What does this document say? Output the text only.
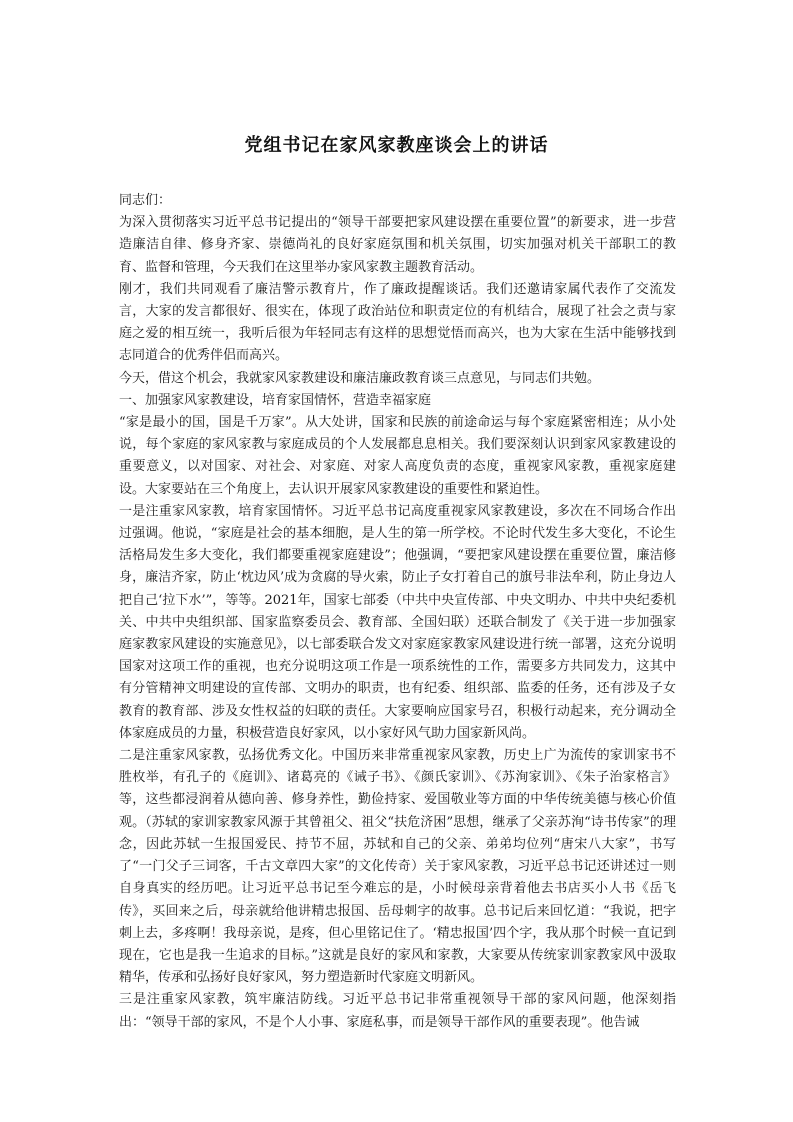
党组书记在家风家教座谈会上的讲话

同志们：

为深入贯彻落实习近平总书记提出的“领导干部要把家风建设摆在重要位置”的新要求，进一步营造廉洁自律、修身齐家、崇德尚礼的良好家庭氛围和机关氛围，切实加强对机关干部职工的教育、监督和管理，今天我们在这里举办家风家教主题教育活动。

刚才，我们共同观看了廉洁警示教育片，作了廉政提醒谈话。我们还邀请家属代表作了交流发言，大家的发言都很好、很实在，体现了政治站位和职责定位的有机结合，展现了社会之责与家庭之爱的相互统一，我听后很为年轻同志有这样的思想觉悟而高兴，也为大家在生活中能够找到志同道合的优秀伴侣而高兴。

今天，借这个机会，我就家风家教建设和廉洁廉政教育谈三点意见，与同志们共勉。

一、加强家风家教建设，培育家国情怀，营造幸福家庭

“家是最小的国，国是千万家”。从大处讲，国家和民族的前途命运与每个家庭紧密相连；从小处说，每个家庭的家风家教与家庭成员的个人发展都息息相关。我们要深刻认识到家风家教建设的重要意义，以对国家、对社会、对家庭、对家人高度负责的态度，重视家风家教，重视家庭建设。大家要站在三个角度上，去认识开展家风家教建设的重要性和紧迫性。

一是注重家风家教，培育家国情怀。习近平总书记高度重视家风家教建设，多次在不同场合作出过强调。他说，“家庭是社会的基本细胞，是人生的第一所学校。不论时代发生多大变化，不论生活格局发生多大变化，我们都要重视家庭建设”；他强调，“要把家风建设摆在重要位置，廉洁修身，廉洁齐家，防止‘枕边风’成为贪腐的导火索，防止子女打着自己的旗号非法牟利，防止身边人把自己‘拉下水’”，等等。2021年，国家七部委（中共中央宣传部、中央文明办、中共中央纪委机关、中共中央组织部、国家监察委员会、教育部、全国妇联）还联合制发了《关于进一步加强家庭家教家风建设的实施意见》，以七部委联合发文对家庭家教家风建设进行统一部署，这充分说明国家对这项工作的重视，也充分说明这项工作是一项系统性的工作，需要多方共同发力，这其中有分管精神文明建设的宣传部、文明办的职责，也有纪委、组织部、监委的任务，还有涉及子女教育的教育部、涉及女性权益的妇联的责任。大家要响应国家号召，积极行动起来，充分调动全体家庭成员的力量，积极营造良好家风，以小家好风气助力国家新风尚。

二是注重家风家教，弘扬优秀文化。中国历来非常重视家风家教，历史上广为流传的家训家书不胜枚举，有孔子的《庭训》、诸葛亮的《诫子书》、《颜氏家训》、《苏洵家训》、《朱子治家格言》等，这些都浸润着从德向善、修身养性，勤俭持家、爱国敬业等方面的中华传统美德与核心价值观。（苏轼的家训家教家风源于其曾祖父、祖父“扶危济困”思想，继承了父亲苏洵“诗书传家”的理念，因此苏轼一生报国爱民、持节不屈，苏轼和自己的父亲、弟弟均位列“唐宋八大家”，书写了“一门父子三词客，千古文章四大家”的文化传奇）关于家风家教，习近平总书记还讲述过一则自身真实的经历吧。让习近平总书记至今难忘的是，小时候母亲背着他去书店买小人书《岳飞传》，买回来之后，母亲就给他讲精忠报国、岳母刺字的故事。总书记后来回忆道：“我说，把字刺上去，多疼啊！我母亲说，是疼，但心里铭记住了。‘精忠报国’四个字，我从那个时候一直记到现在，它也是我一生追求的目标。”这就是良好的家风和家教，大家要从传统家训家教家风中汲取精华，传承和弘扬好良好家风，努力塑造新时代家庭文明新风。

三是注重家风家教，筑牢廉洁防线。习近平总书记非常重视领导干部的家风问题，他深刻指出：“领导干部的家风，不是个人小事、家庭私事，而是领导干部作风的重要表现”。他告诫
